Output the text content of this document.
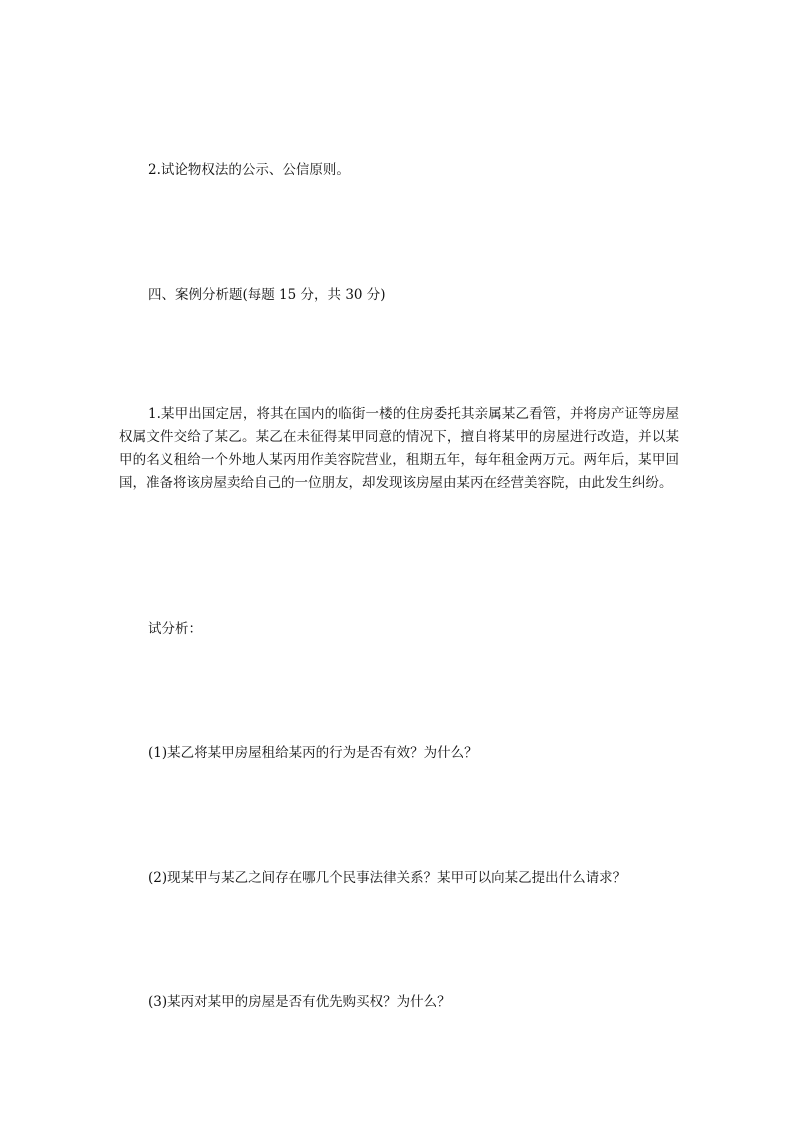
2.试论物权法的公示、公信原则。
四、案例分析题(每题 15 分，共 30 分)
1.某甲出国定居，将其在国内的临街一楼的住房委托其亲属某乙看管，并将房产证等房屋权属文件交给了某乙。某乙在未征得某甲同意的情况下，擅自将某甲的房屋进行改造，并以某甲的名义租给一个外地人某丙用作美容院营业，租期五年，每年租金两万元。两年后，某甲回国，准备将该房屋卖给自己的一位朋友，却发现该房屋由某丙在经营美容院，由此发生纠纷。
试分析：
(1)某乙将某甲房屋租给某丙的行为是否有效？为什么？
(2)现某甲与某乙之间存在哪几个民事法律关系？某甲可以向某乙提出什么请求？
(3)某丙对某甲的房屋是否有优先购买权？为什么？
